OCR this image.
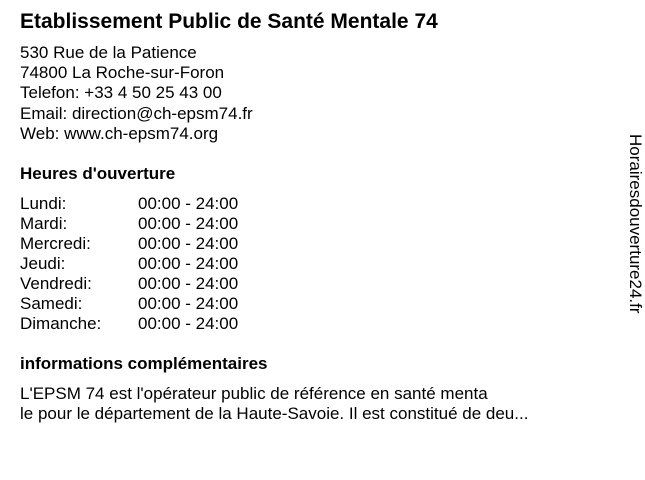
Etablissement Public de Santé Mentale 74
530 Rue de la Patience
74800 La Roche-sur-Foron
Telefon: +33 4 50 25 43 00
Email: direction@ch-epsm74.fr
Web: www.ch-epsm74.org
Heures d'ouverture
Lundi:	00:00 - 24:00
Mardi:	00:00 - 24:00
Mercredi:	00:00 - 24:00
Jeudi:	00:00 - 24:00
Vendredi:	00:00 - 24:00
Samedi:	00:00 - 24:00
Dimanche:	00:00 - 24:00
informations complémentaires
L'EPSM 74 est l'opérateur public de référence en santé menta
le pour le département de la Haute-Savoie. Il est constitué de deu...
Horairesdouverture24.fr
